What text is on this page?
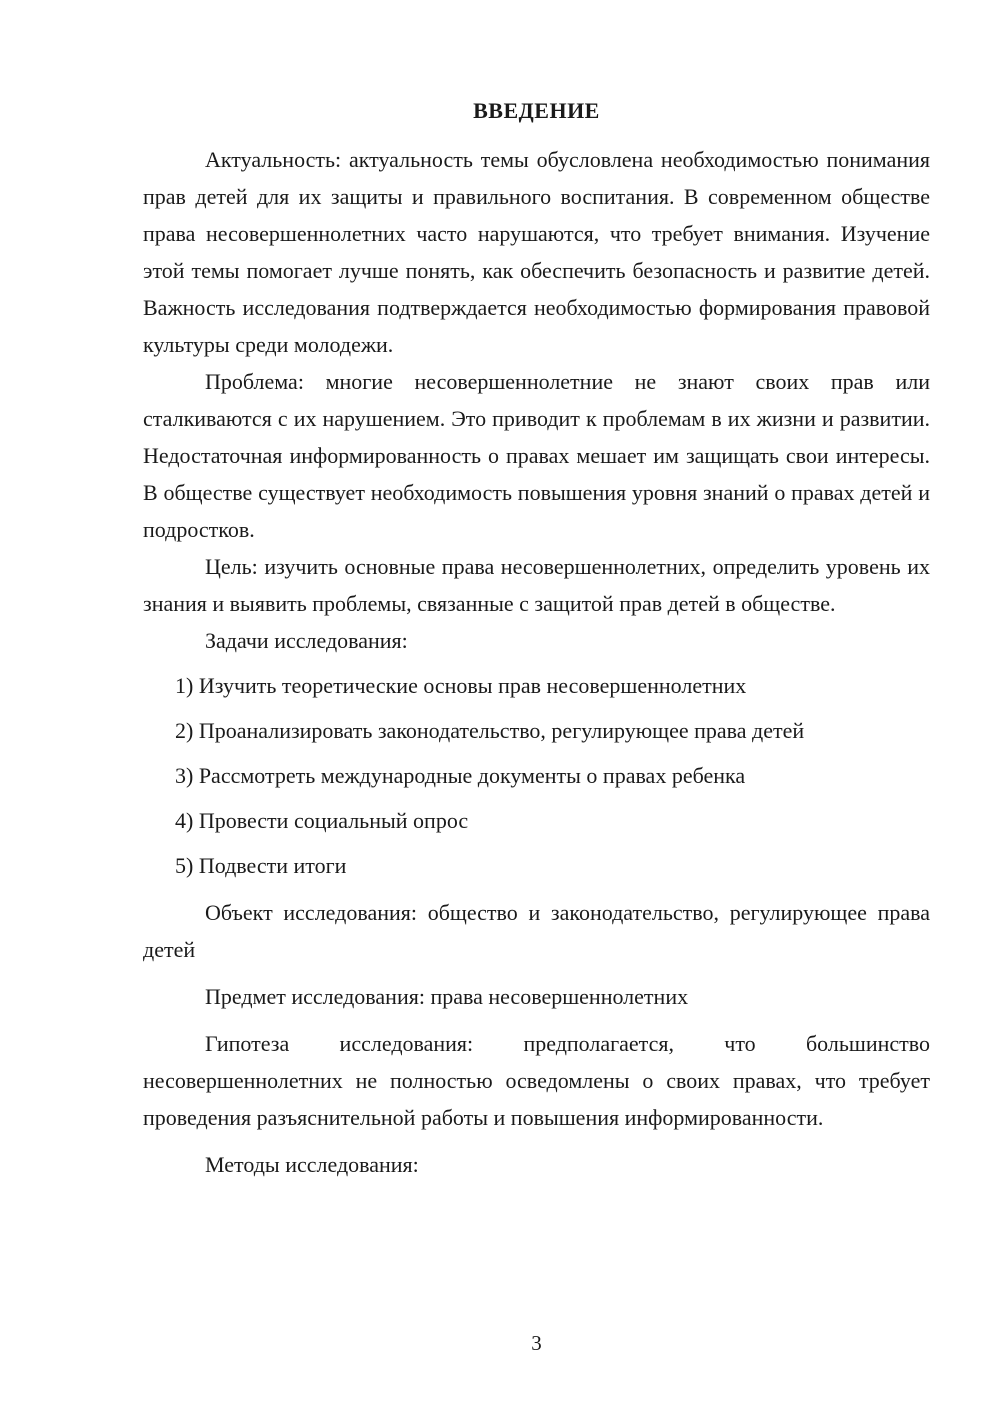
ВВЕДЕНИЕ

Актуальность: актуальность темы обусловлена необходимостью понимания прав детей для их защиты и правильного воспитания. В современном обществе права несовершеннолетних часто нарушаются, что требует внимания. Изучение этой темы помогает лучше понять, как обеспечить безопасность и развитие детей. Важность исследования подтверждается необходимостью формирования правовой культуры среди молодежи.

Проблема: многие несовершеннолетние не знают своих прав или сталкиваются с их нарушением. Это приводит к проблемам в их жизни и развитии. Недостаточная информированность о правах мешает им защищать свои интересы. В обществе существует необходимость повышения уровня знаний о правах детей и подростков.

Цель: изучить основные права несовершеннолетних, определить уровень их знания и выявить проблемы, связанные с защитой прав детей в обществе.

Задачи исследования:

1) Изучить теоретические основы прав несовершеннолетних

2) Проанализировать законодательство, регулирующее права детей

3) Рассмотреть международные документы о правах ребенка

4) Провести социальный опрос

5) Подвести итоги

Объект исследования: общество и законодательство, регулирующее права детей

Предмет исследования: права несовершеннолетних

Гипотеза исследования: предполагается, что большинство несовершеннолетних не полностью осведомлены о своих правах, что требует проведения разъяснительной работы и повышения информированности.

Методы исследования:

3
